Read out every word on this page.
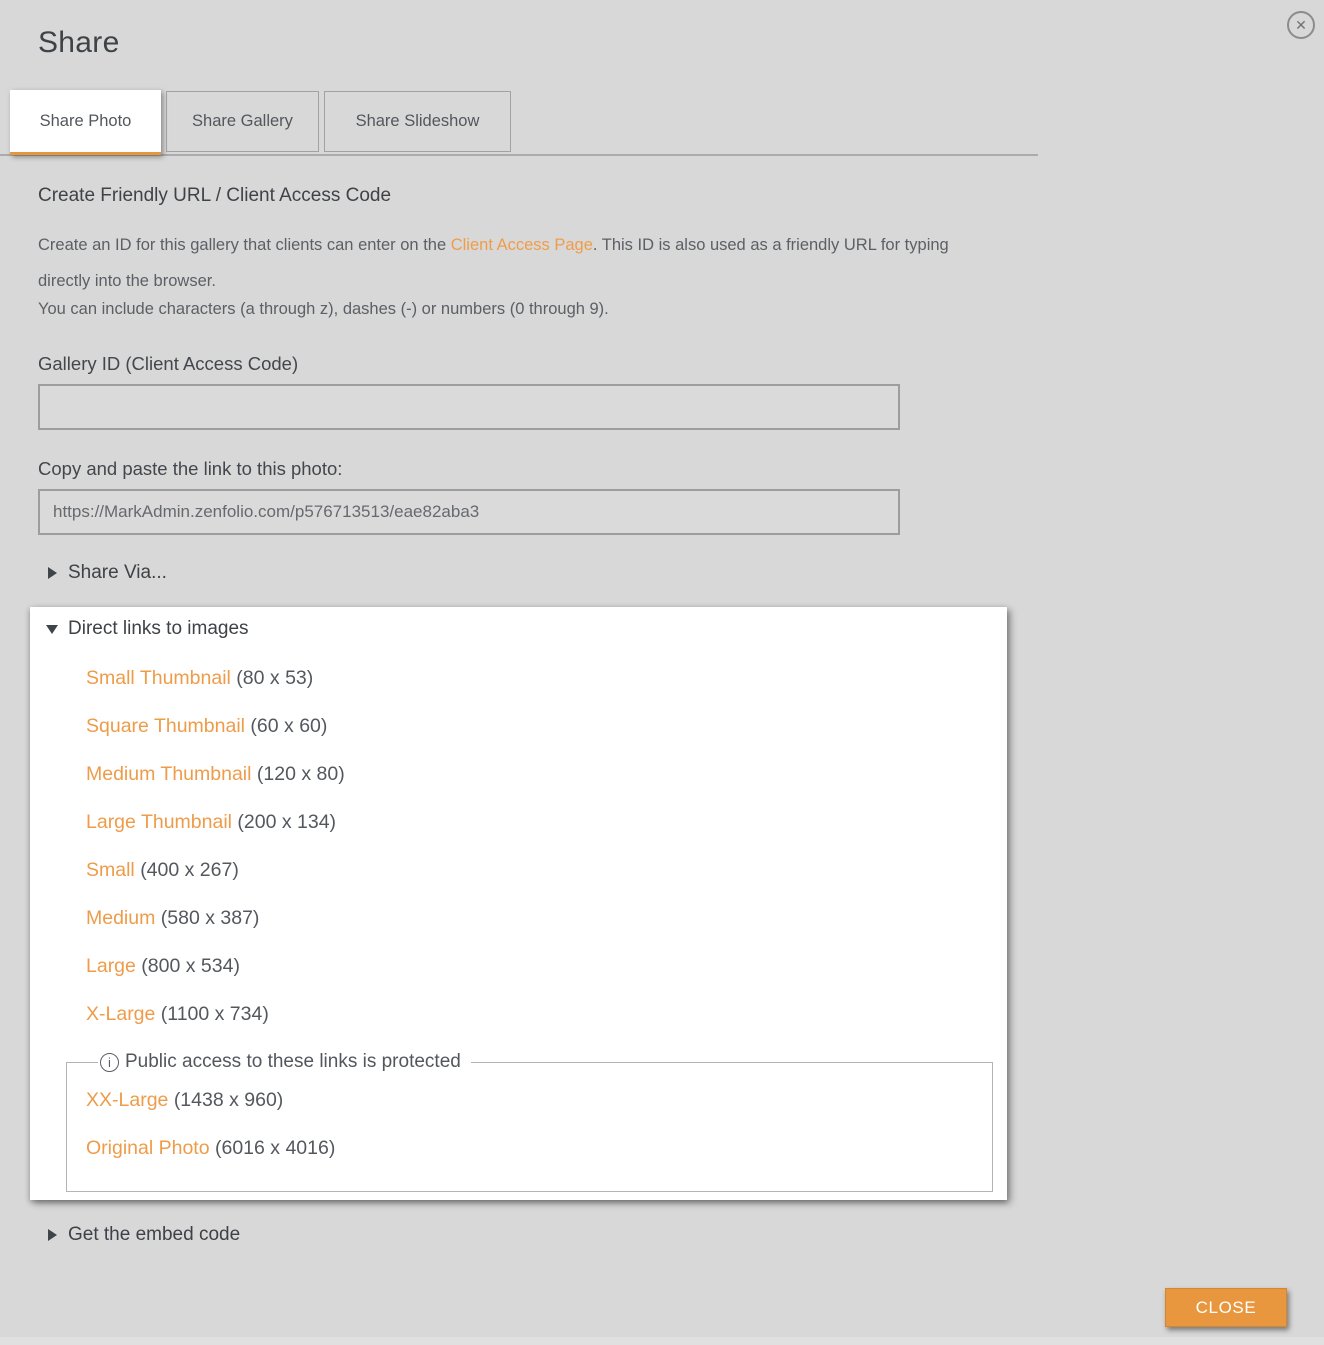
Share
✕
Share Photo	Share Gallery	Share Slideshow
Create Friendly URL / Client Access Code

Create an ID for this gallery that clients can enter on the Client Access Page. This ID is also used as a friendly URL for typing directly into the browser.

You can include characters (a through z), dashes (-) or numbers (0 through 9).

Gallery ID (Client Access Code)
Copy and paste the link to this photo:
https://MarkAdmin.zenfolio.com/p576713513/eae82aba3
Share Via...
Direct links to images
Small Thumbnail (80 x 53)
Square Thumbnail (60 x 60)
Medium Thumbnail (120 x 80)
Large Thumbnail (200 x 134)
Small (400 x 267)
Medium (580 x 387)
Large (800 x 534)
X-Large (1100 x 734)
i Public access to these links is protected
XX-Large (1438 x 960)
Original Photo (6016 x 4016)
Get the embed code
CLOSE
